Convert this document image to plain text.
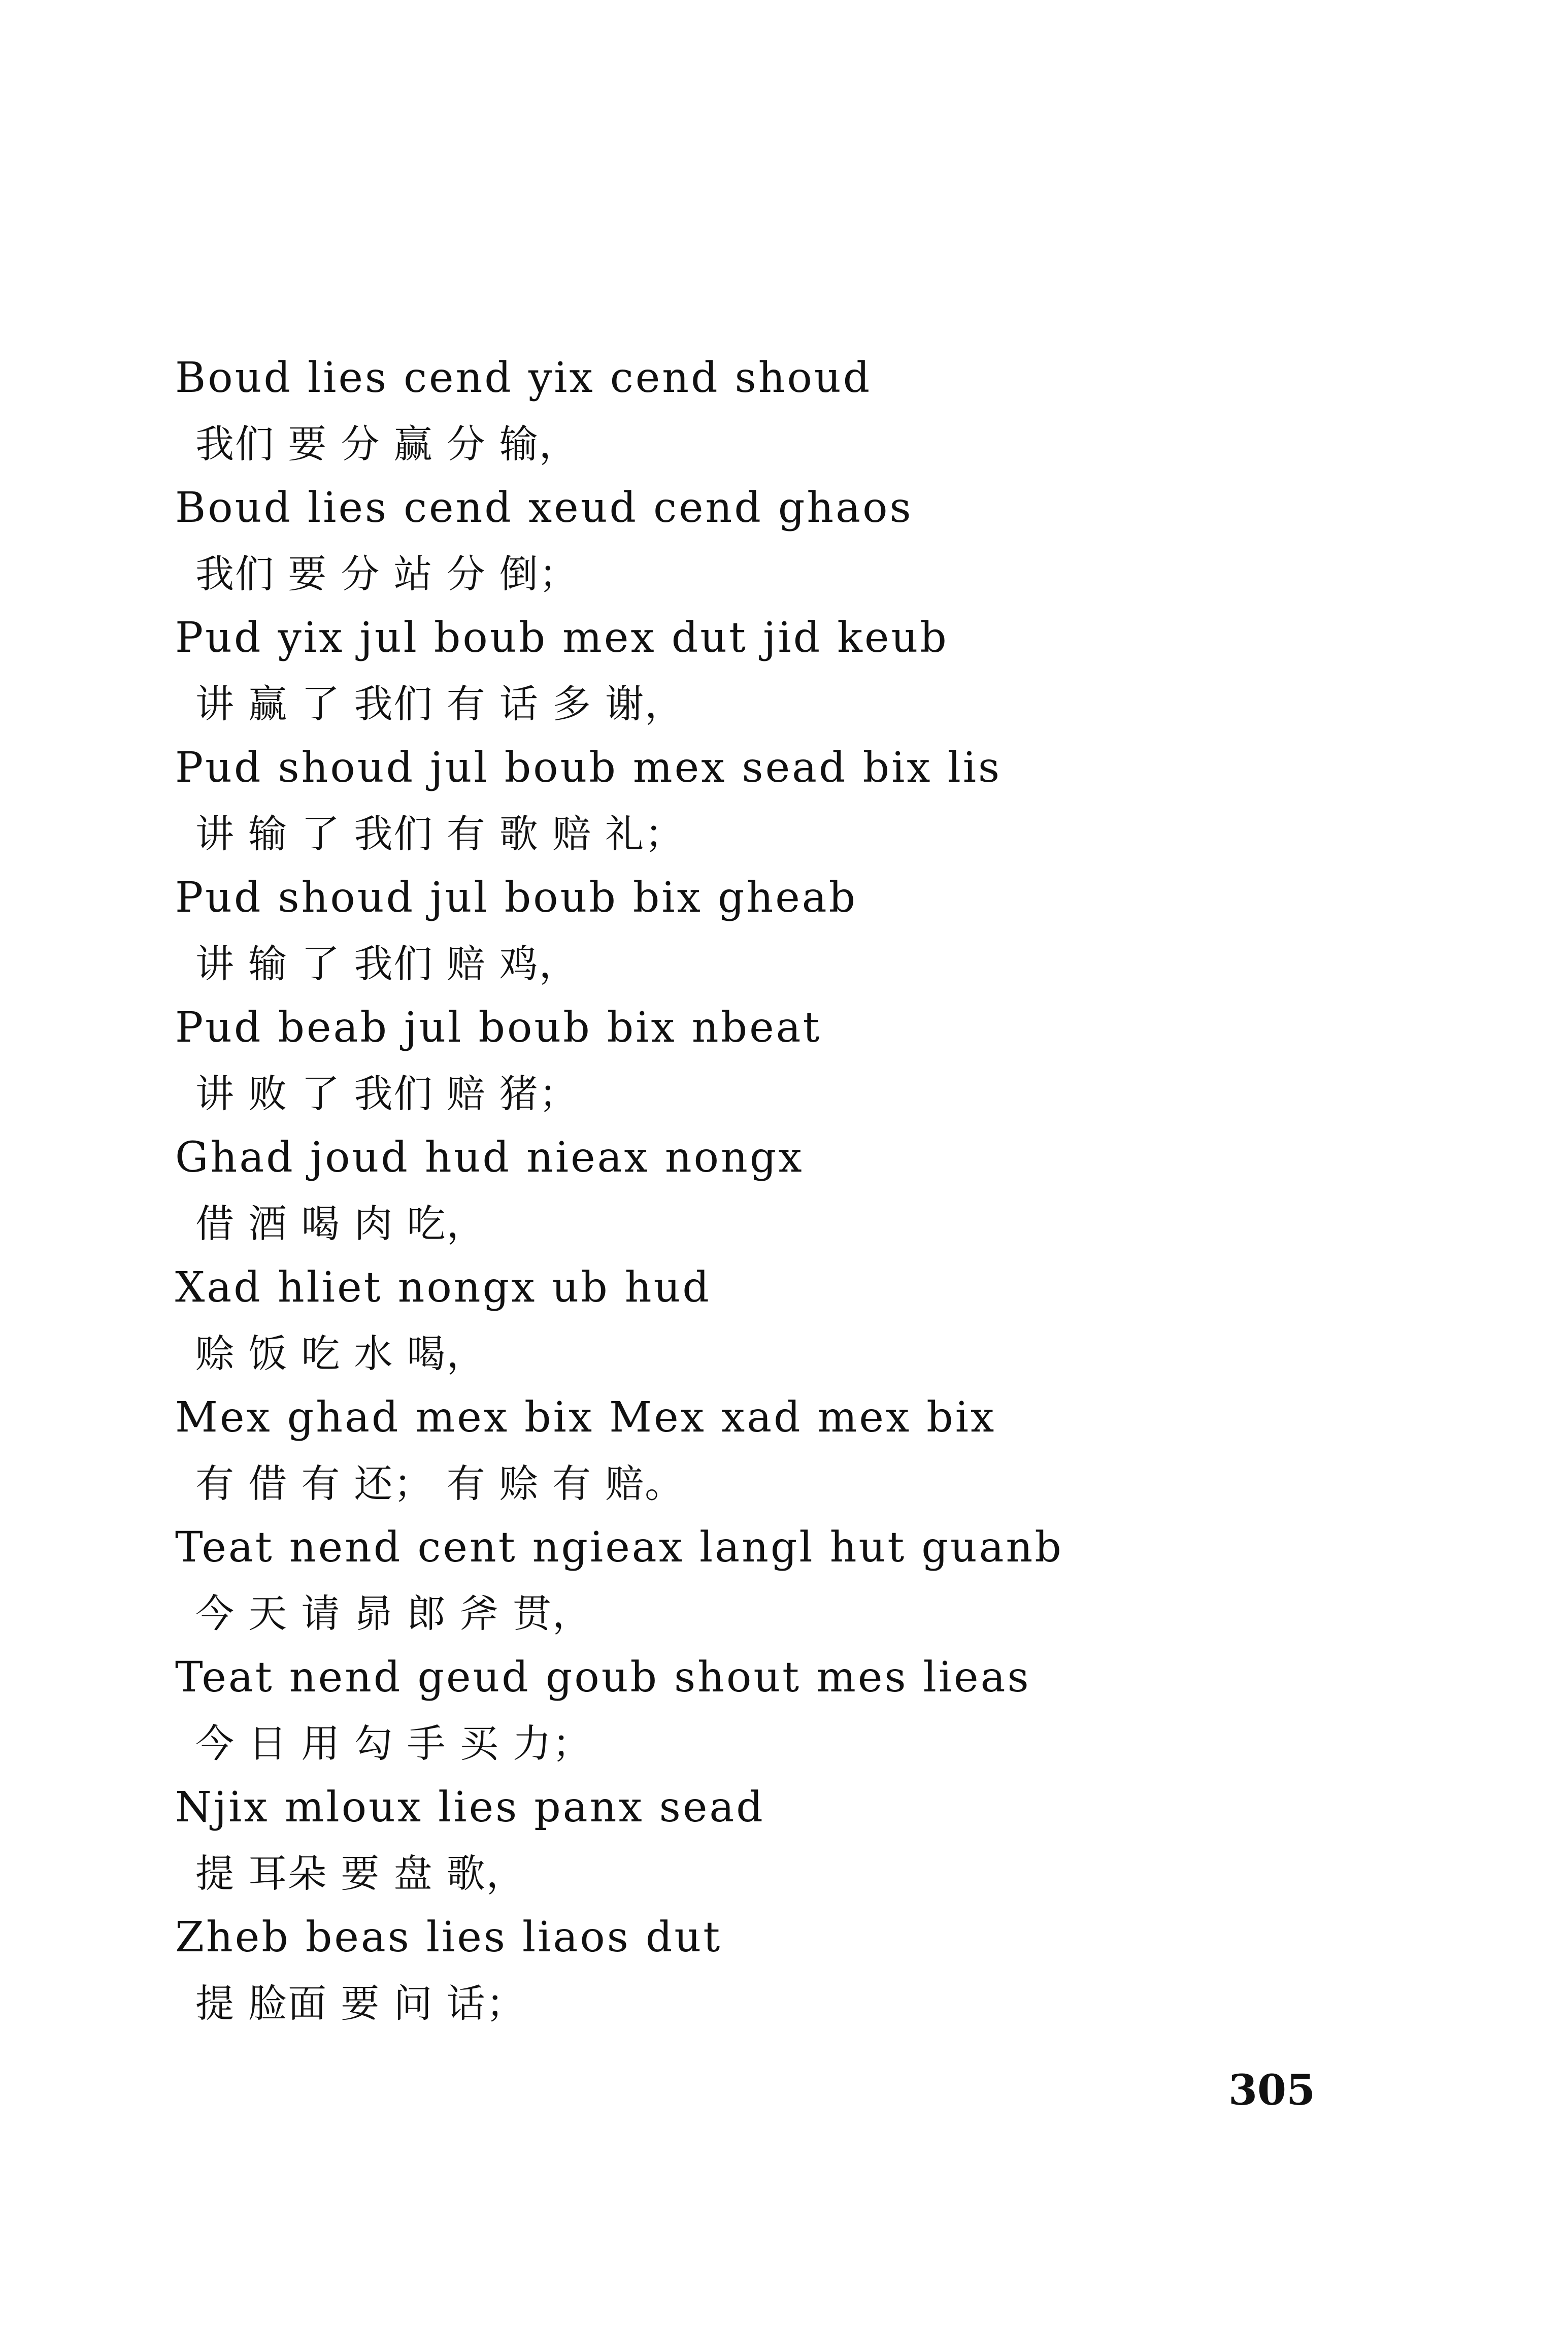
Boud lies cend yix cend shoud
我们 要 分 赢 分 输，
Boud lies cend xeud cend ghaos
我们 要 分 站 分 倒；
Pud yix jul boub mex dut jid keub
讲 赢 了 我们 有 话 多 谢，
Pud shoud jul boub mex sead bix lis
讲 输 了 我们 有 歌 赔 礼；
Pud shoud jul boub bix gheab
讲 输 了 我们 赔 鸡，
Pud beab jul boub bix nbeat
讲 败 了 我们 赔 猪；
Ghad joud hud nieax nongx
借 酒 喝 肉 吃，
Xad hliet nongx ub hud
赊 饭 吃 水 喝，
Mex ghad mex bix Mex xad mex bix
有 借 有 还； 有 赊 有 赔。
Teat nend cent ngieax langl hut guanb
今 天 请 昴 郎 斧 贯，
Teat nend geud goub shout mes lieas
今 日 用 勾 手 买 力；
Njix mloux lies panx sead
提 耳朵 要 盘 歌，
Zheb beas lies liaos dut
提 脸面 要 问 话；
305
